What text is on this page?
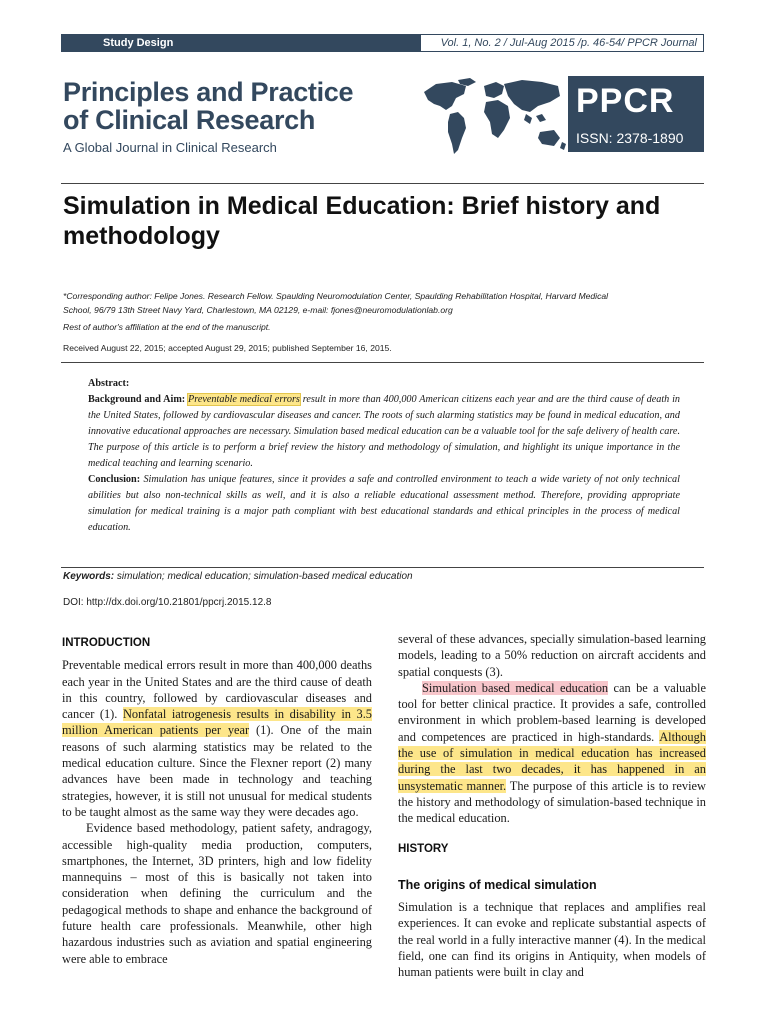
Study Design	Vol. 1, No. 2 / Jul-Aug 2015 /p. 46-54/ PPCR Journal
Principles and Practice
of Clinical Research
A Global Journal in Clinical Research
PPCR
ISSN: 2378-1890
Simulation in Medical Education: Brief history and methodology
*Corresponding author: Felipe Jones. Research Fellow. Spaulding Neuromodulation Center, Spaulding Rehabilitation Hospital, Harvard Medical
School, 96/79 13th Street Navy Yard, Charlestown, MA 02129, e-mail: fjones@neuromodulationlab.org
Rest of author's affiliation at the end of the manuscript.
Received August 22, 2015; accepted August 29, 2015; published September 16, 2015.
Abstract:
Background and Aim: Preventable medical errors result in more than 400,000 American citizens each year and are the third cause of death in the United States, followed by cardiovascular diseases and cancer. The roots of such alarming statistics may be found in medical education, and innovative educational approaches are necessary. Simulation based medical education can be a valuable tool for the safe delivery of health care. The purpose of this article is to perform a brief review the history and methodology of simulation, and highlight its unique importance in the medical teaching and learning scenario.
Conclusion: Simulation has unique features, since it provides a safe and controlled environment to teach a wide variety of not only technical abilities but also non-technical skills as well, and it is also a reliable educational assessment method. Therefore, providing appropriate simulation for medical training is a major path compliant with best educational standards and ethical principles in the process of medical education.
Keywords: simulation; medical education; simulation-based medical education
DOI: http://dx.doi.org/10.21801/ppcrj.2015.12.8
INTRODUCTION

Preventable medical errors result in more than 400,000 deaths each year in the United States and are the third cause of death in this country, followed by cardiovascular diseases and cancer (1). Nonfatal iatrogenesis results in disability in 3.5 million American patients per year (1). One of the main reasons of such alarming statistics may be related to the medical education culture. Since the Flexner report (2) many advances have been made in technology and teaching strategies, however, it is still not unusual for medical students to be taught almost as the same way they were decades ago.

Evidence based methodology, patient safety, andragogy, accessible high-quality media production, computers, smartphones, the Internet, 3D printers, high and low fidelity mannequins – most of this is basically not taken into consideration when defining the curriculum and the pedagogical methods to shape and enhance the background of future health care professionals. Meanwhile, other high hazardous industries such as aviation and spatial engineering were able to embrace

several of these advances, specially simulation-based learning models, leading to a 50% reduction on aircraft accidents and spatial conquests (3).

Simulation based medical education can be a valuable tool for better clinical practice. It provides a safe, controlled environment in which problem-based learning is developed and competences are practiced in high-standards. Although the use of simulation in medical education has increased during the last two decades, it has happened in an unsystematic manner. The purpose of this article is to review the history and methodology of simulation-based technique in the medical education.

HISTORY
The origins of medical simulation

Simulation is a technique that replaces and amplifies real experiences. It can evoke and replicate substantial aspects of the real world in a fully interactive manner (4). In the medical field, one can find its origins in Antiquity, when models of human patients were built in clay and
